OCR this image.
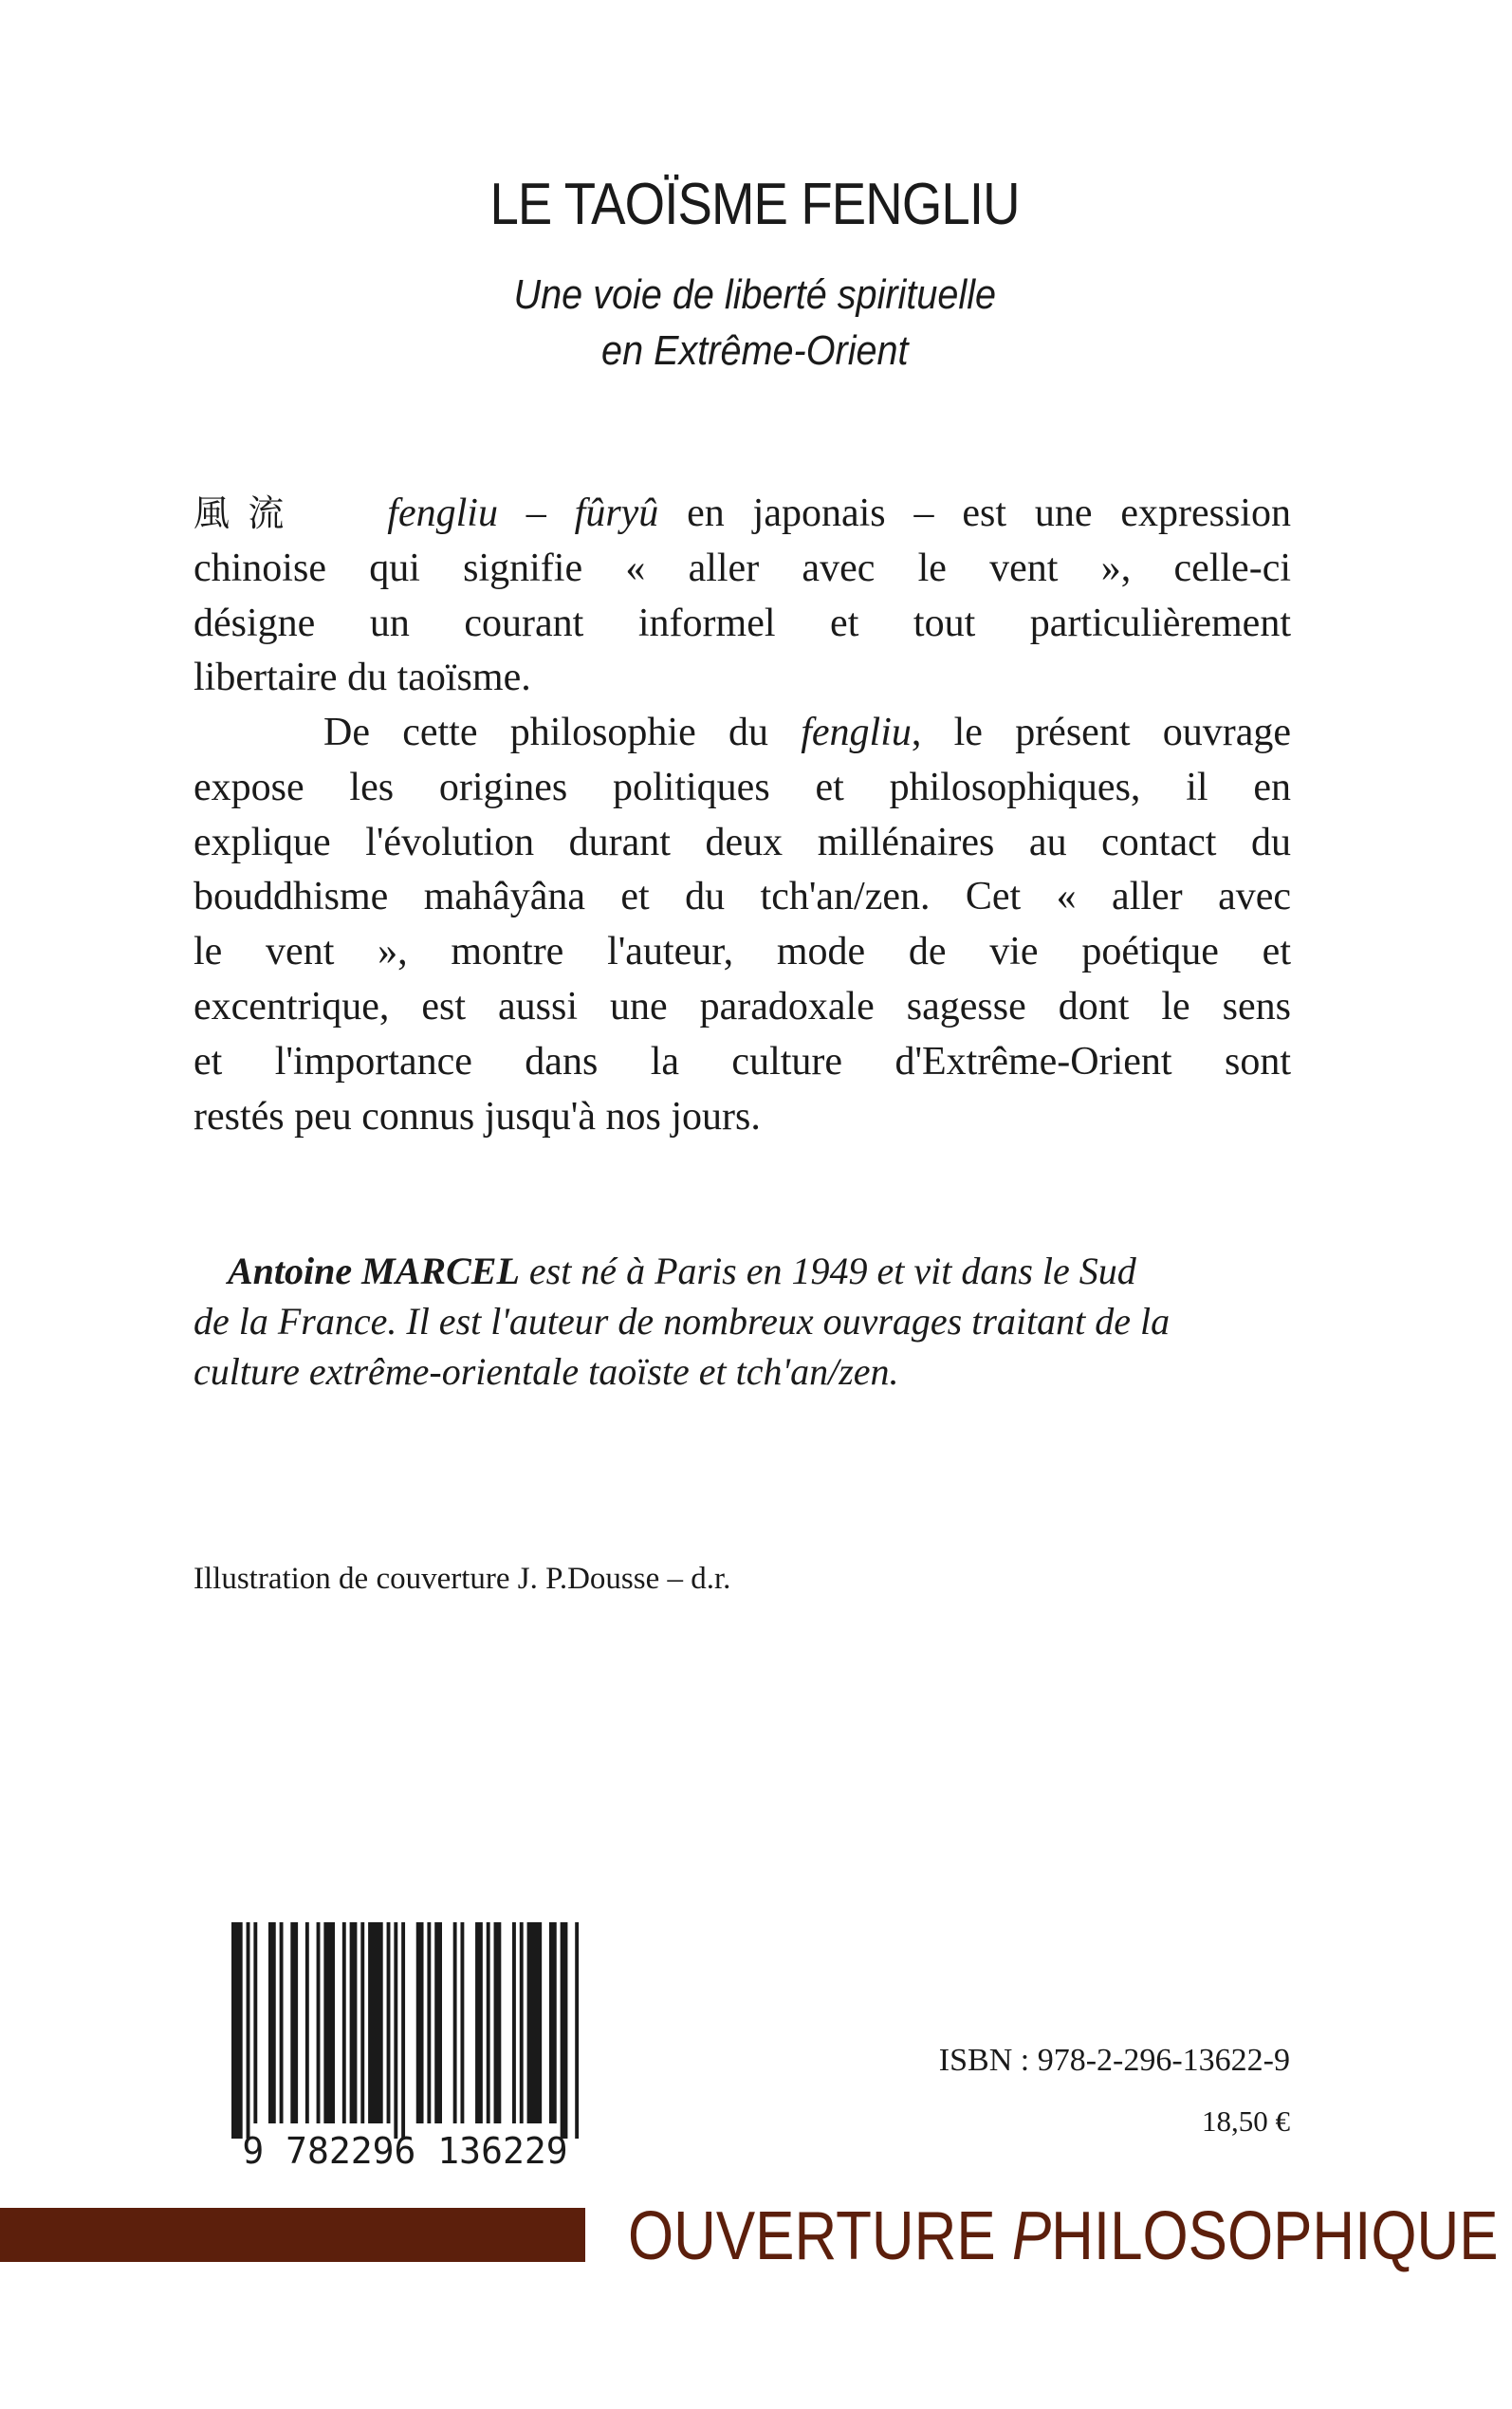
LE TAOÏSME FENGLIU
Une voie de liberté spirituelle
en Extrême-Orient
風流 fengliu – fûryû en japonais – est une expression
chinoise qui signifie « aller avec le vent », celle-ci
désigne un courant informel et tout particulièrement
libertaire du taoïsme.
De cette philosophie du fengliu, le présent ouvrage
expose les origines politiques et philosophiques, il en
explique l'évolution durant deux millénaires au contact du
bouddhisme mahâyâna et du tch'an/zen. Cet « aller avec
le vent », montre l'auteur, mode de vie poétique et
excentrique, est aussi une paradoxale sagesse dont le sens
et l'importance dans la culture d'Extrême-Orient sont
restés peu connus jusqu'à nos jours.
Antoine MARCEL est né à Paris en 1949 et vit dans le Sud
de la France. Il est l'auteur de nombreux ouvrages traitant de la
culture extrême-orientale taoïste et tch'an/zen.
Illustration de couverture J. P.Dousse – d.r.
9 782296 136229
ISBN : 978-2-296-13622-9
18,50 €
OUVERTURE PHILOSOPHIQUE
